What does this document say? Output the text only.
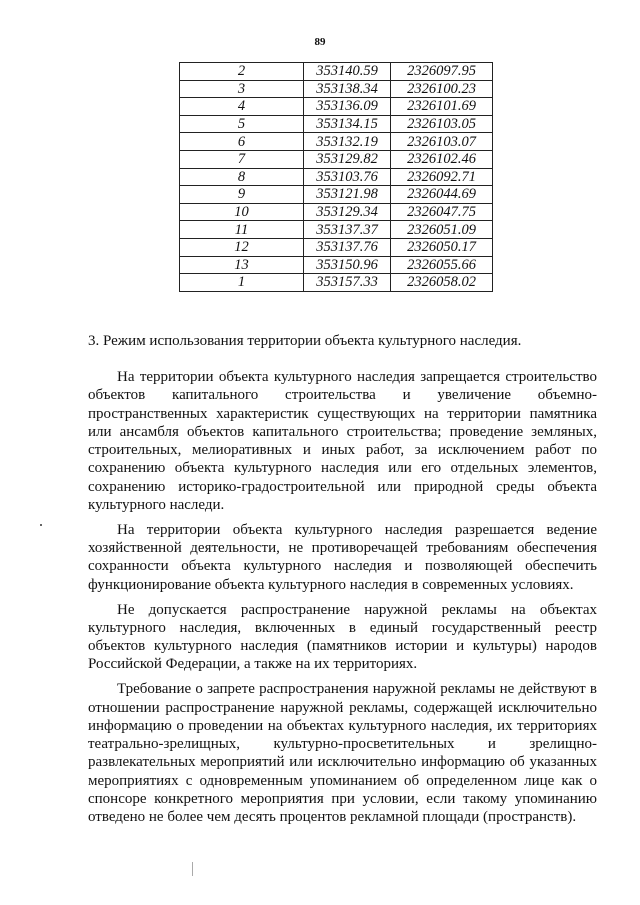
89
2	353140.59	2326097.95
3	353138.34	2326100.23
4	353136.09	2326101.69
5	353134.15	2326103.05
6	353132.19	2326103.07
7	353129.82	2326102.46
8	353103.76	2326092.71
9	353121.98	2326044.69
10	353129.34	2326047.75
11	353137.37	2326051.09
12	353137.76	2326050.17
13	353150.96	2326055.66
1	353157.33	2326058.02
3. Режим использования территории объекта культурного наследия.

На территории объекта культурного наследия запрещается строительство объектов капитального строительства и увеличение объемно-пространственных характеристик существующих на территории памятника или ансамбля объектов капитального строительства; проведение земляных, строительных, мелиоративных и иных работ, за исключением работ по сохранению объекта культурного наследия или его отдельных элементов, сохранению историко-градостроительной или природной среды объекта культурного наследи.

На территории объекта культурного наследия разрешается ведение хозяйственной деятельности, не противоречащей требованиям обеспечения сохранности объекта культурного наследия и позволяющей обеспечить функционирование объекта культурного наследия в современных условиях.

Не допускается распространение наружной рекламы на объектах культурного наследия, включенных в единый государственный реестр объектов культурного наследия (памятников истории и культуры) народов Российской Федерации, а также на их территориях.

Требование о запрете распространения наружной рекламы не действуют в отношении распространение наружной рекламы, содержащей исключительно информацию о проведении на объектах культурного наследия, их территориях театрально-зрелищных, культурно-просветительных и зрелищно-развлекательных мероприятий или исключительно информацию об указанных мероприятиях с одновременным упоминанием об определенном лице как о спонсоре конкретного мероприятия при условии, если такому упоминанию отведено не более чем десять процентов рекламной площади (пространств).
